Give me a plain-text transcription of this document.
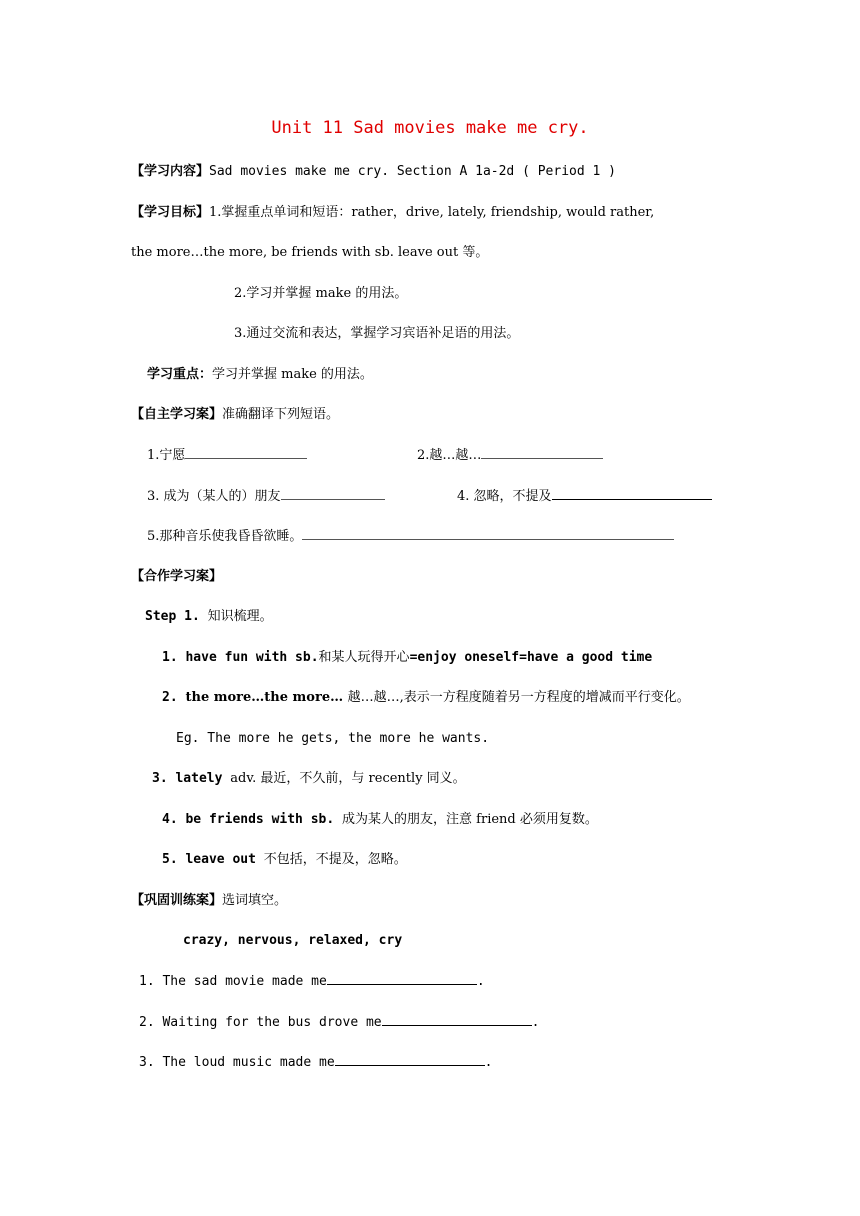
Unit 11 Sad movies make me cry.
【学习内容】Sad movies make me cry. Section A 1a-2d ( Period 1 )
【学习目标】1.掌握重点单词和短语：rather，drive, lately, friendship, would rather,
the more…the more, be friends with sb. leave out 等。
2.学习并掌握 make 的用法。
3.通过交流和表达，掌握学习宾语补足语的用法。
学习重点：学习并掌握 make 的用法。
【自主学习案】准确翻译下列短语。
1.宁愿	2.越…越…
3. 成为（某人的）朋友	4. 忽略，不提及
5.那种音乐使我昏昏欲睡。
【合作学习案】
Step 1. 知识梳理。
1. have fun with sb.和某人玩得开心=enjoy oneself=have a good time
2. the more…the more… 越…越…,表示一方程度随着另一方程度的增减而平行变化。
Eg. The more he gets, the more he wants.
3. lately adv. 最近，不久前，与 recently 同义。
4. be friends with sb. 成为某人的朋友，注意 friend 必须用复数。
5. leave out 不包括，不提及，忽略。
【巩固训练案】选词填空。
crazy, nervous, relaxed, cry
1. The sad movie made me	.
2. Waiting for the bus drove me	.
3. The loud music made me	.
